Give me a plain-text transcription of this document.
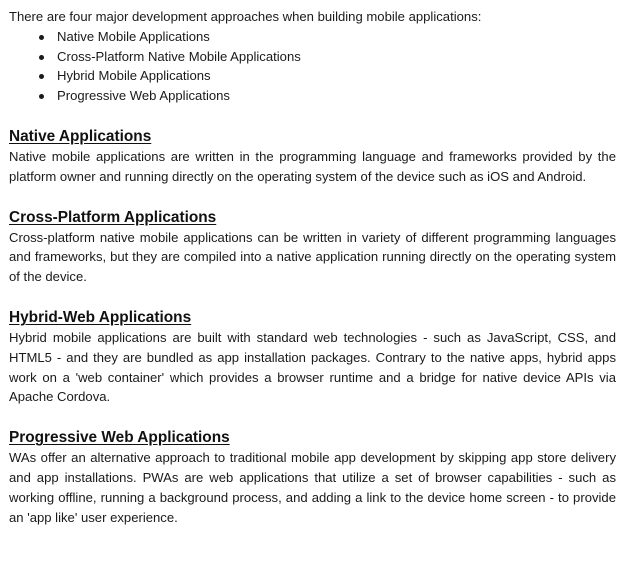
There are four major development approaches when building mobile applications:

Native Mobile Applications
Cross-Platform Native Mobile Applications
Hybrid Mobile Applications
Progressive Web Applications
Native Applications

Native mobile applications are written in the programming language and frameworks provided by the platform owner and running directly on the operating system of the device such as iOS and Android.

Cross-Platform Applications

Cross-platform native mobile applications can be written in variety of different programming languages and frameworks, but they are compiled into a native application running directly on the operating system of the device.

Hybrid-Web Applications

Hybrid mobile applications are built with standard web technologies - such as JavaScript, CSS, and HTML5 - and they are bundled as app installation packages. Contrary to the native apps, hybrid apps work on a 'web container' which provides a browser runtime and a bridge for native device APIs via Apache Cordova.

Progressive Web Applications

WAs offer an alternative approach to traditional mobile app development by skipping app store delivery and app installations. PWAs are web applications that utilize a set of browser capabilities - such as working offline, running a background process, and adding a link to the device home screen - to provide an 'app like' user experience.
